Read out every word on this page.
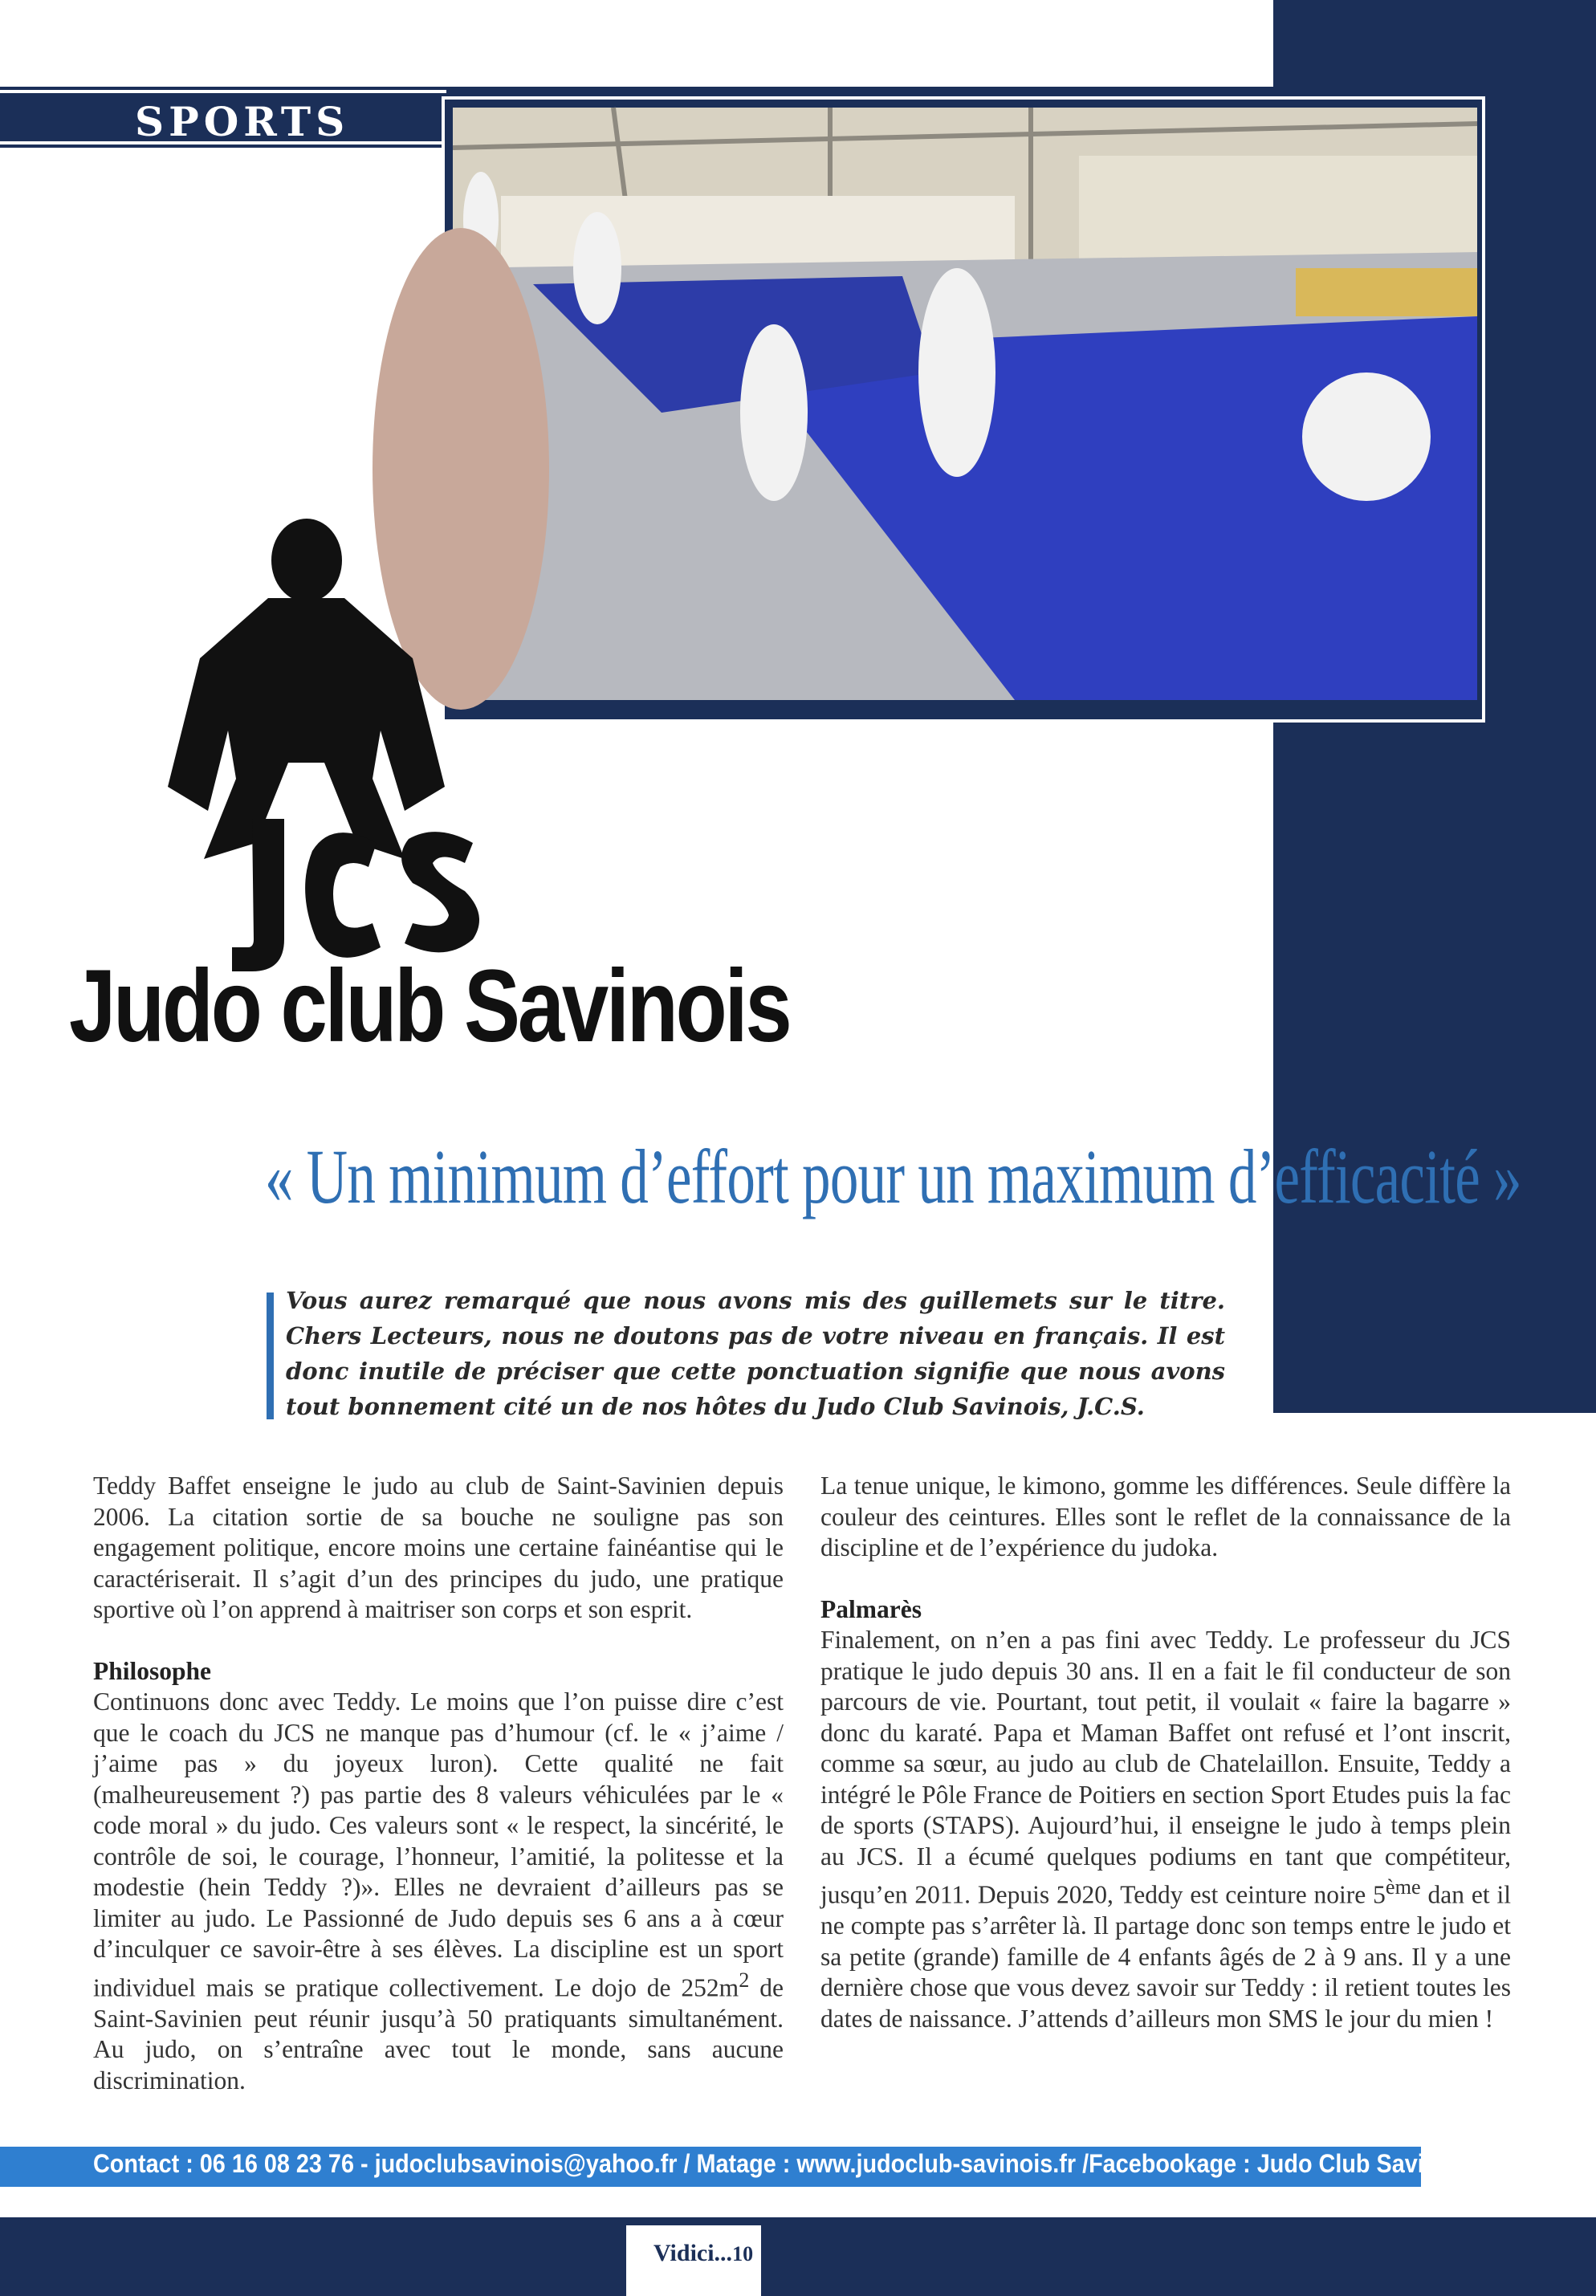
SPORTS
JCS
Judo club Savinois
« Un minimum d’effort pour un maximum d’efficacité »
Vous aurez remarqué que nous avons mis des guillemets sur le titre. Chers Lecteurs, nous ne doutons pas de votre niveau en français. Il est donc inutile de préciser que cette ponctuation signifie que nous avons tout bonnement cité un de nos hôtes du Judo Club Savinois, J.C.S.

Teddy Baffet enseigne le judo au club de Saint-Savinien depuis 2006. La citation sortie de sa bouche ne souligne pas son engagement politique, encore moins une certaine fainéantise qui le caractériserait. Il s’agit d’un des principes du judo, une pratique sportive où l’on apprend à maitriser son corps et son esprit.

Philosophe

Continuons donc avec Teddy. Le moins que l’on puisse dire c’est que le coach du JCS ne manque pas d’humour (cf. le « j’aime / j’aime pas » du joyeux luron). Cette qualité ne fait (malheureusement ?) pas partie des 8 valeurs véhiculées par le « code moral » du judo. Ces valeurs sont « le respect, la sincérité, le contrôle de soi, le courage, l’honneur, l’amitié, la politesse et la modestie (hein Teddy ?)». Elles ne devraient d’ailleurs pas se limiter au judo. Le Passionné de Judo depuis ses 6 ans a à cœur d’inculquer ce savoir-être à ses élèves. La discipline est un sport individuel mais se pratique collectivement. Le dojo de $252m^2$ de Saint-Savinien peut réunir jusqu’à 50 pratiquants simultanément. Au judo, on s’entraîne avec tout le monde, sans aucune discrimination.

La tenue unique, le kimono, gomme les différences. Seule diffère la couleur des ceintures. Elles sont le reflet de la connaissance de la discipline et de l’expérience du judoka.

Palmarès

Finalement, on n’en a pas fini avec Teddy. Le professeur du JCS pratique le judo depuis 30 ans. Il en a fait le fil conducteur de son parcours de vie. Pourtant, tout petit, il voulait « faire la bagarre » donc du karaté. Papa et Maman Baffet ont refusé et l’ont inscrit, comme sa sœur, au judo au club de Chatelaillon. Ensuite, Teddy a intégré le Pôle France de Poitiers en section Sport Etudes puis la fac de sports (STAPS). Aujourd’hui, il enseigne le judo à temps plein au JCS. Il a écumé quelques podiums en tant que compétiteur, jusqu’en 2011. Depuis 2020, Teddy est ceinture noire 5ème dan et il ne compte pas s’arrêter là. Il partage donc son temps entre le judo et sa petite (grande) famille de 4 enfants âgés de 2 à 9 ans. Il y a une dernière chose que vous devez savoir sur Teddy : il retient toutes les dates de naissance. J’attends d’ailleurs mon SMS le jour du mien !

Contact : 06 16 08 23 76 - judoclubsavinois@yahoo.fr / Matage : www.judoclub-savinois.fr /Facebookage : Judo Club Savinois
Vidici...10
